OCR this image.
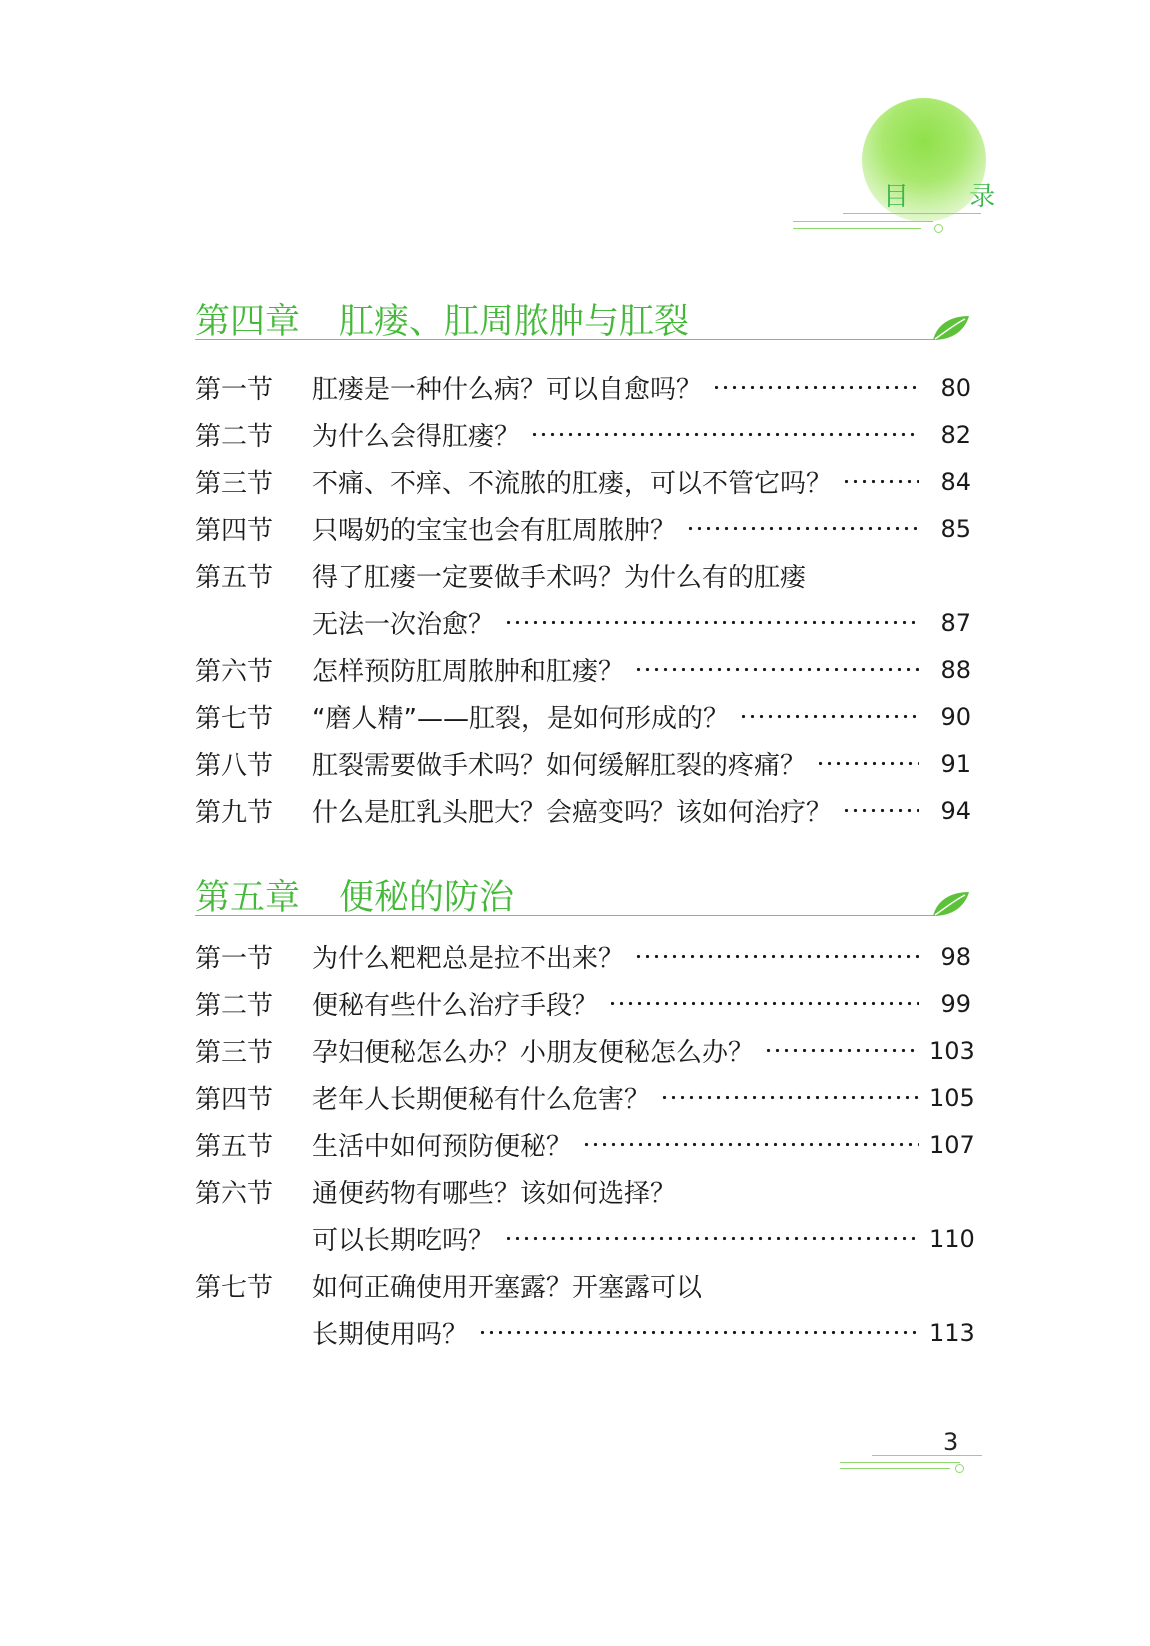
目 录
第四章 肛瘘、肛周脓肿与肛裂
第一节	肛瘘是一种什么病？可以自愈吗？	80
第二节	为什么会得肛瘘？	82
第三节	不痛、不痒、不流脓的肛瘘，可以不管它吗？	84
第四节	只喝奶的宝宝也会有肛周脓肿？	85
第五节	得了肛瘘一定要做手术吗？为什么有的肛瘘
无法一次治愈？	87
第六节	怎样预防肛周脓肿和肛瘘？	88
第七节	“磨人精”——肛裂，是如何形成的？	90
第八节	肛裂需要做手术吗？如何缓解肛裂的疼痛？	91
第九节	什么是肛乳头肥大？会癌变吗？该如何治疗？	94
第五章 便秘的防治
第一节	为什么粑粑总是拉不出来？	98
第二节	便秘有些什么治疗手段？	99
第三节	孕妇便秘怎么办？小朋友便秘怎么办？	103
第四节	老年人长期便秘有什么危害？	105
第五节	生活中如何预防便秘？	107
第六节	通便药物有哪些？该如何选择？
可以长期吃吗？	110
第七节	如何正确使用开塞露？开塞露可以
长期使用吗？	113
3
